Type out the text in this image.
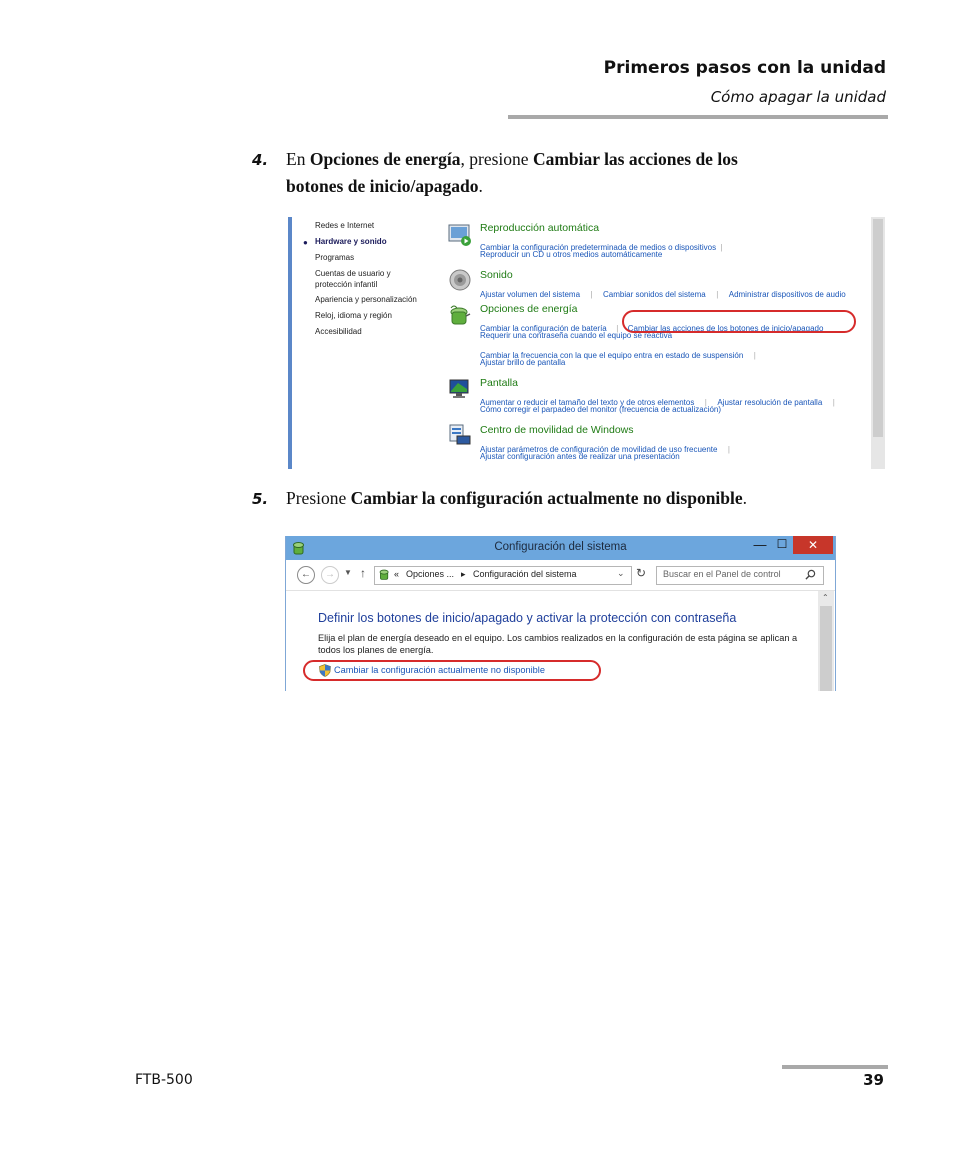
Primeros pasos con la unidad
Cómo apagar la unidad
4. En Opciones de energía, presione Cambiar las acciones de los
botones de inicio/apagado.
Redes e Internet
● Hardware y sonido
Programas
Cuentas de usuario y
protección infantil
Apariencia y personalización
Reloj, idioma y región
Accesibilidad
Reproducción automática
Cambiar la configuración predeterminada de medios o dispositivos |
Reproducir un CD u otros medios automáticamente
Sonido
Ajustar volumen del sistema | Cambiar sonidos del sistema | Administrar dispositivos de audio
Opciones de energía
Cambiar la configuración de batería | Cambiar las acciones de los botones de inicio/apagado
Requerir una contraseña cuando el equipo se reactiva
Cambiar la frecuencia con la que el equipo entra en estado de suspensión |
Ajustar brillo de pantalla
Pantalla
Aumentar o reducir el tamaño del texto y de otros elementos | Ajustar resolución de pantalla |
Cómo corregir el parpadeo del monitor (frecuencia de actualización)
Centro de movilidad de Windows
Ajustar parámetros de configuración de movilidad de uso frecuente |
Ajustar configuración antes de realizar una presentación
5. Presione Cambiar la configuración actualmente no disponible.
Configuración del sistema	— ☐	✕
←	→	▼ ↑	« Opciones ... ▸ Configuración del sistema	⌄ ↻ Buscar en el Panel de control
⌃
Definir los botones de inicio/apagado y activar la protección con contraseña
Elija el plan de energía deseado en el equipo. Los cambios realizados en la configuración de esta página se aplican a todos los planes de energía.
Cambiar la configuración actualmente no disponible
FTB-500	39
